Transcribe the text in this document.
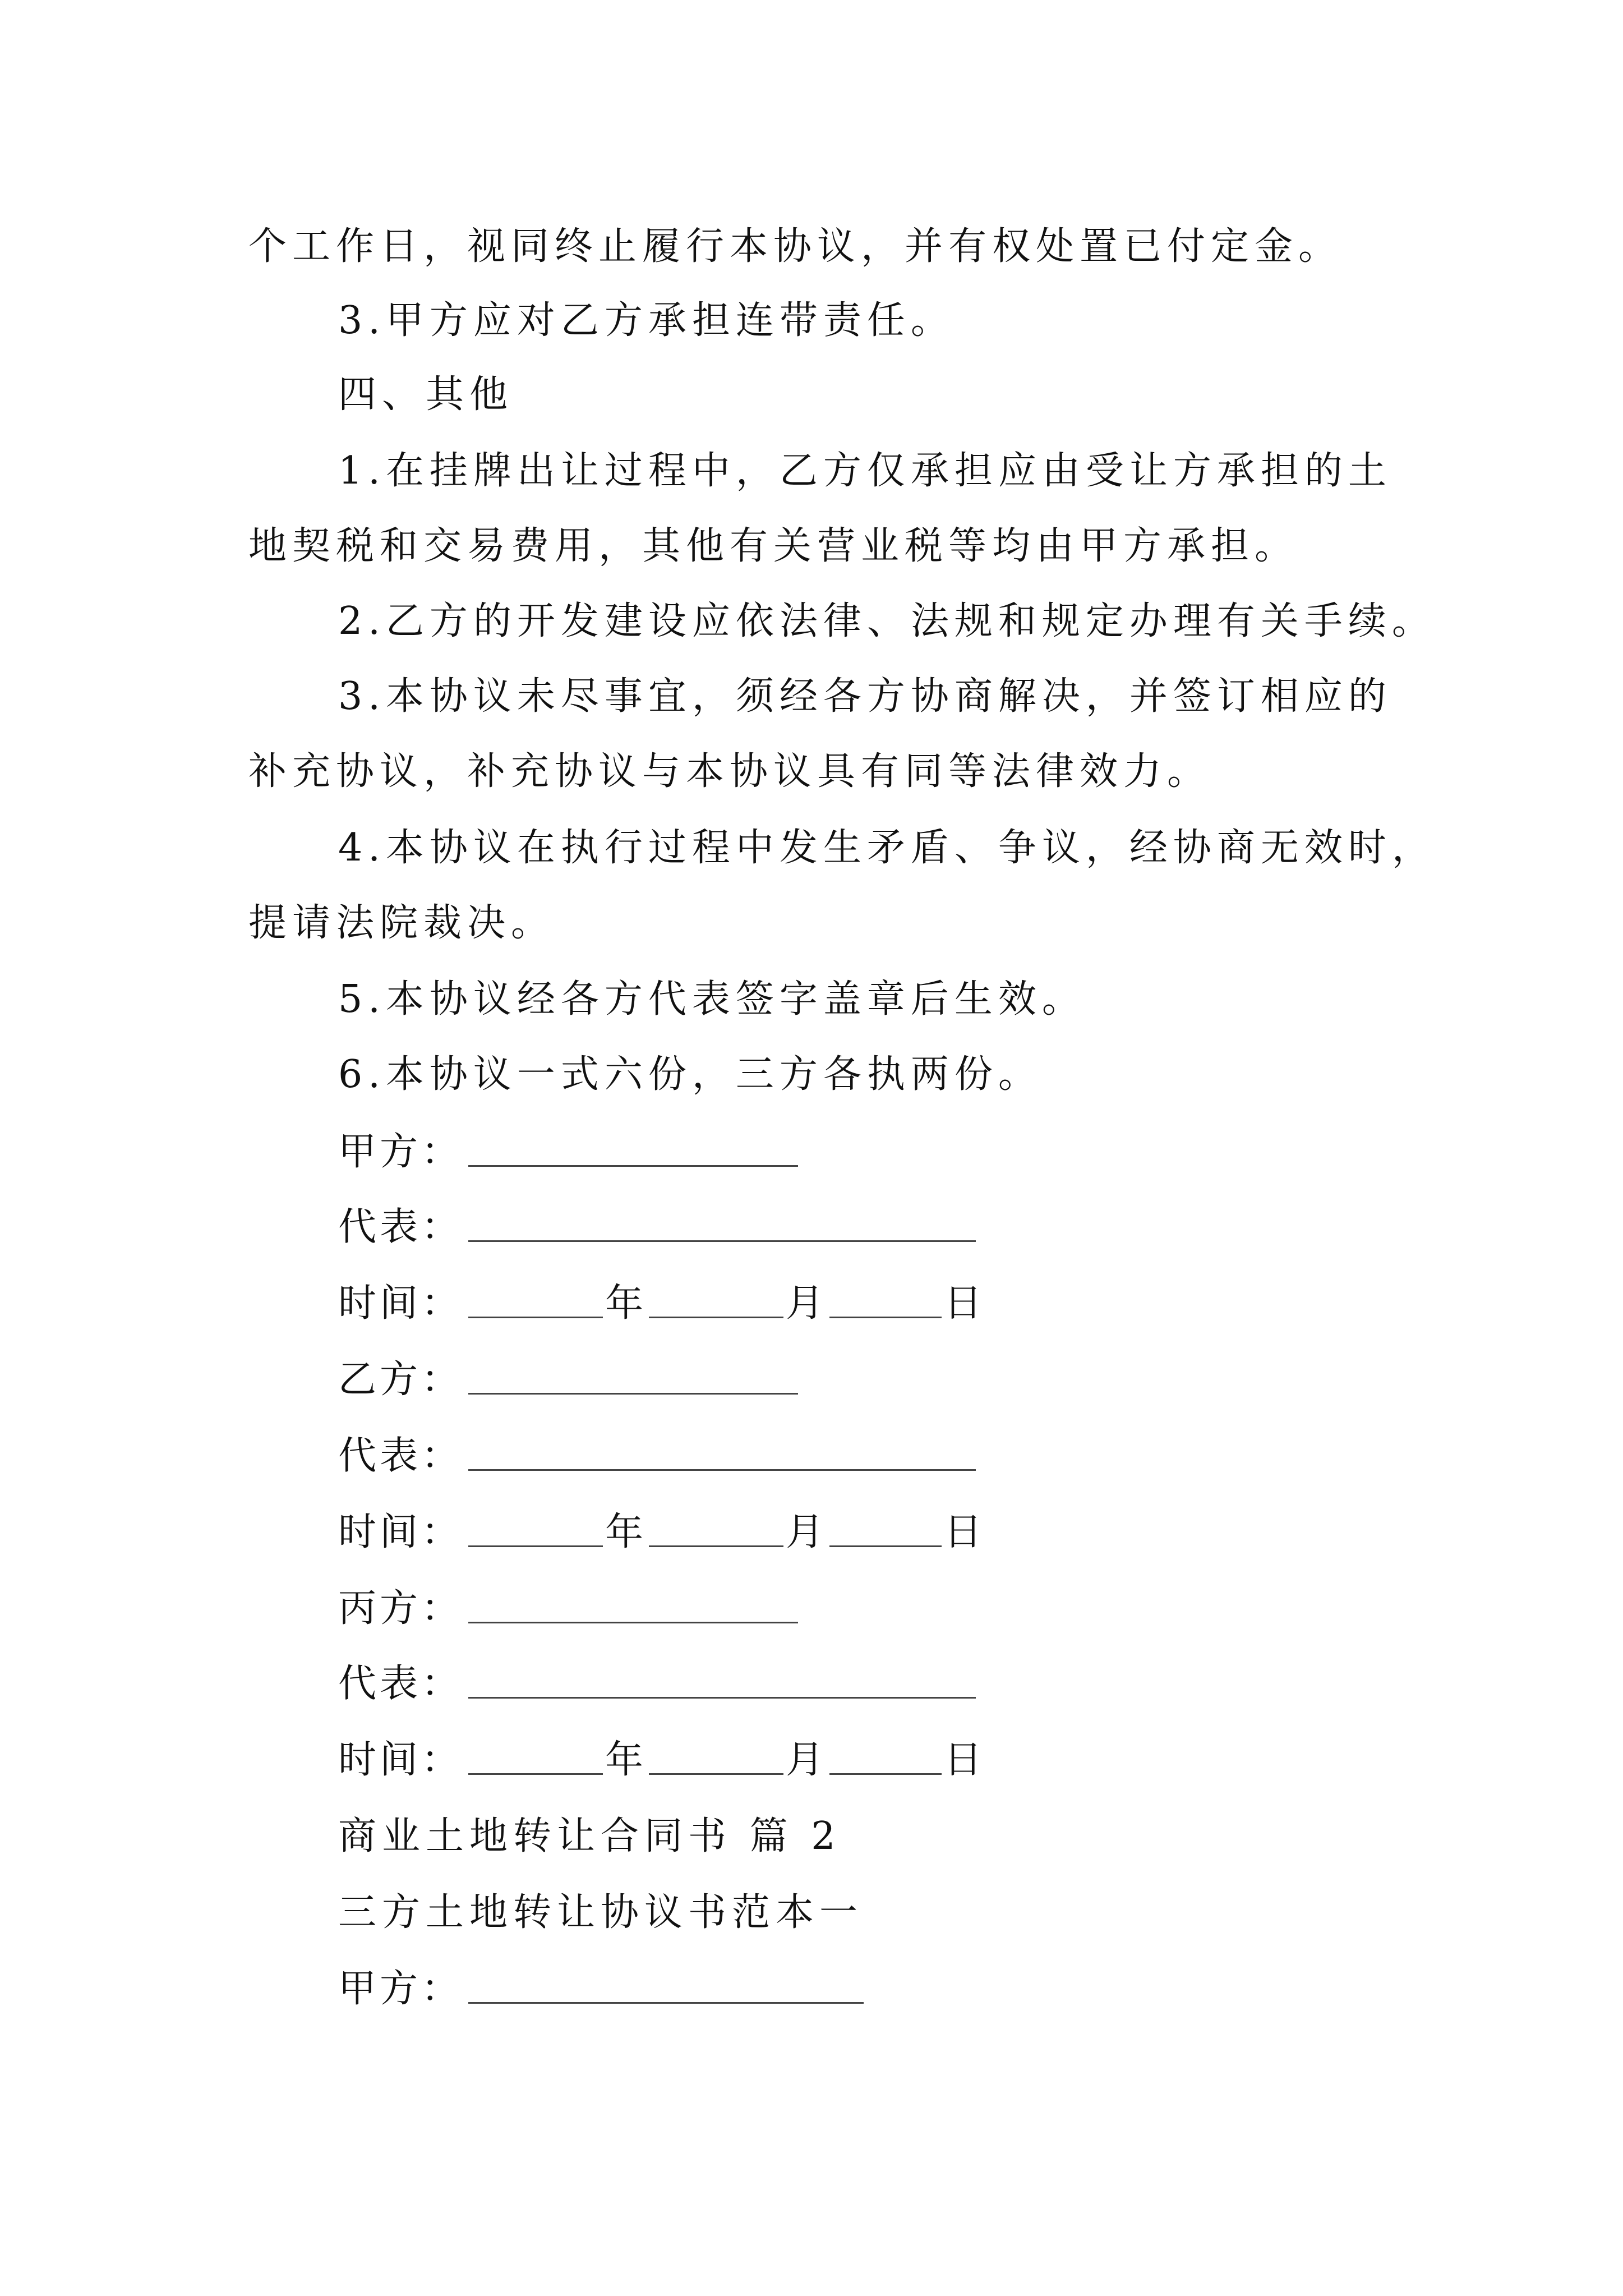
个工作日，视同终止履行本协议，并有权处置已付定金。
3.甲方应对乙方承担连带责任。
四、其他
1.在挂牌出让过程中，乙方仅承担应由受让方承担的土
地契税和交易费用，其他有关营业税等均由甲方承担。
2.乙方的开发建设应依法律、法规和规定办理有关手续。
3.本协议未尽事宜，须经各方协商解决，并签订相应的
补充协议，补充协议与本协议具有同等法律效力。
4.本协议在执行过程中发生矛盾、争议，经协商无效时，
提请法院裁决。
5.本协议经各方代表签字盖章后生效。
6.本协议一式六份，三方各执两份。
甲方：
代表：
时间：	年	月	日
乙方：
代表：
时间：	年	月	日
丙方：
代表：
时间：	年	月	日
商业土地转让合同书 篇 2
三方土地转让协议书范本一
甲方：
